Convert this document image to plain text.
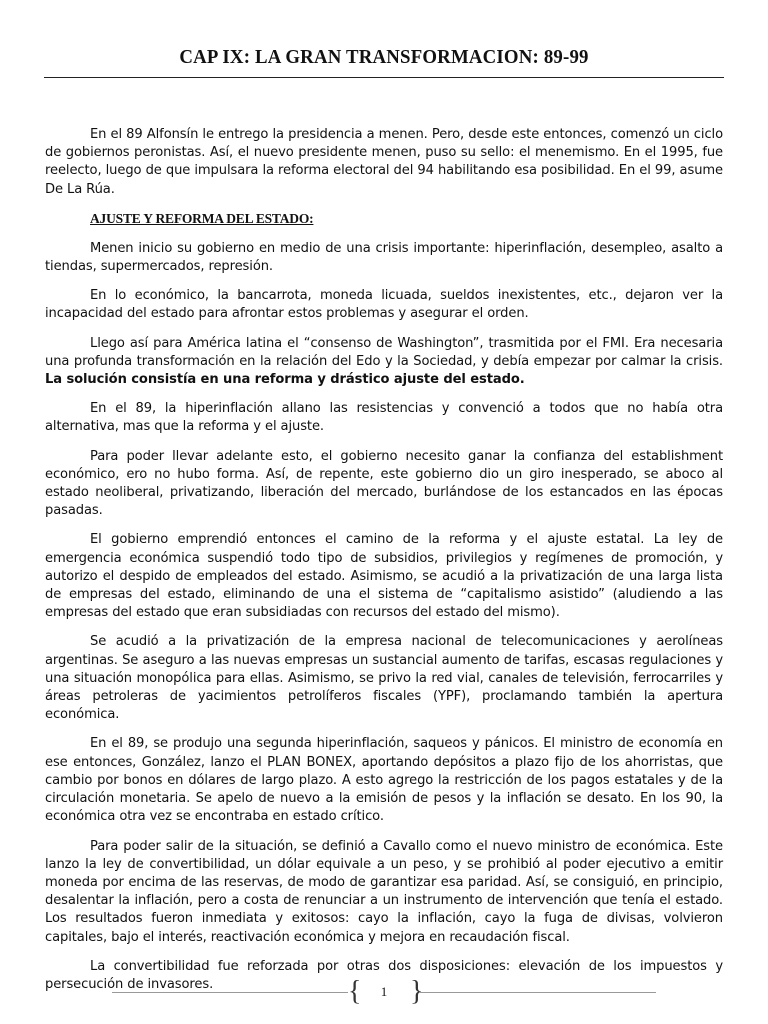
CAP IX: LA GRAN TRANSFORMACION: 89-99

En el 89 Alfonsín le entrego la presidencia a menen. Pero, desde este entonces, comenzó un ciclo de gobiernos peronistas. Así, el nuevo presidente menen, puso su sello: el menemismo. En el 1995, fue reelecto, luego de que impulsara la reforma electoral del 94 habilitando esa posibilidad. En el 99, asume De La Rúa.

AJUSTE Y REFORMA DEL ESTADO:

Menen inicio su gobierno en medio de una crisis importante: hiperinflación, desempleo, asalto a tiendas, supermercados, represión.

En lo económico, la bancarrota, moneda licuada, sueldos inexistentes, etc., dejaron ver la incapacidad del estado para afrontar estos problemas y asegurar el orden.

Llego así para América latina el “consenso de Washington”, trasmitida por el FMI. Era necesaria una profunda transformación en la relación del Edo y la Sociedad, y debía empezar por calmar la crisis. La solución consistía en una reforma y drástico ajuste del estado.

En el 89, la hiperinflación allano las resistencias y convenció a todos que no había otra alternativa, mas que la reforma y el ajuste.

Para poder llevar adelante esto, el gobierno necesito ganar la confianza del establishment económico, ero no hubo forma. Así, de repente, este gobierno dio un giro inesperado, se aboco al estado neoliberal, privatizando, liberación del mercado, burlándose de los estancados en las épocas pasadas.

El gobierno emprendió entonces el camino de la reforma y el ajuste estatal. La ley de emergencia económica suspendió todo tipo de subsidios, privilegios y regímenes de promoción, y autorizo el despido de empleados del estado. Asimismo, se acudió a la privatización de una larga lista de empresas del estado, eliminando de una el sistema de “capitalismo asistido” (aludiendo a las empresas del estado que eran subsidiadas con recursos del estado del mismo).

Se acudió a la privatización de la empresa nacional de telecomunicaciones y aerolíneas argentinas. Se aseguro a las nuevas empresas un sustancial aumento de tarifas, escasas regulaciones y una situación monopólica para ellas. Asimismo, se privo la red vial, canales de televisión, ferrocarriles y áreas petroleras de yacimientos petrolíferos fiscales (YPF), proclamando también la apertura económica.

En el 89, se produjo una segunda hiperinflación, saqueos y pánicos. El ministro de economía en ese entonces, González, lanzo el PLAN BONEX, aportando depósitos a plazo fijo de los ahorristas, que cambio por bonos en dólares de largo plazo. A esto agrego la restricción de los pagos estatales y de la circulación monetaria. Se apelo de nuevo a la emisión de pesos y la inflación se desato. En los 90, la económica otra vez se encontraba en estado crítico.

Para poder salir de la situación, se definió a Cavallo como el nuevo ministro de económica. Este lanzo la ley de convertibilidad, un dólar equivale a un peso, y se prohibió al poder ejecutivo a emitir moneda por encima de las reservas, de modo de garantizar esa paridad. Así, se consiguió, en principio, desalentar la inflación, pero a costa de renunciar a un instrumento de intervención que tenía el estado. Los resultados fueron inmediata y exitosos: cayo la inflación, cayo la fuga de divisas, volvieron capitales, bajo el interés, reactivación económica y mejora en recaudación fiscal.

La convertibilidad fue reforzada por otras dos disposiciones: elevación de los impuestos y persecución de invasores.	{	1 }
